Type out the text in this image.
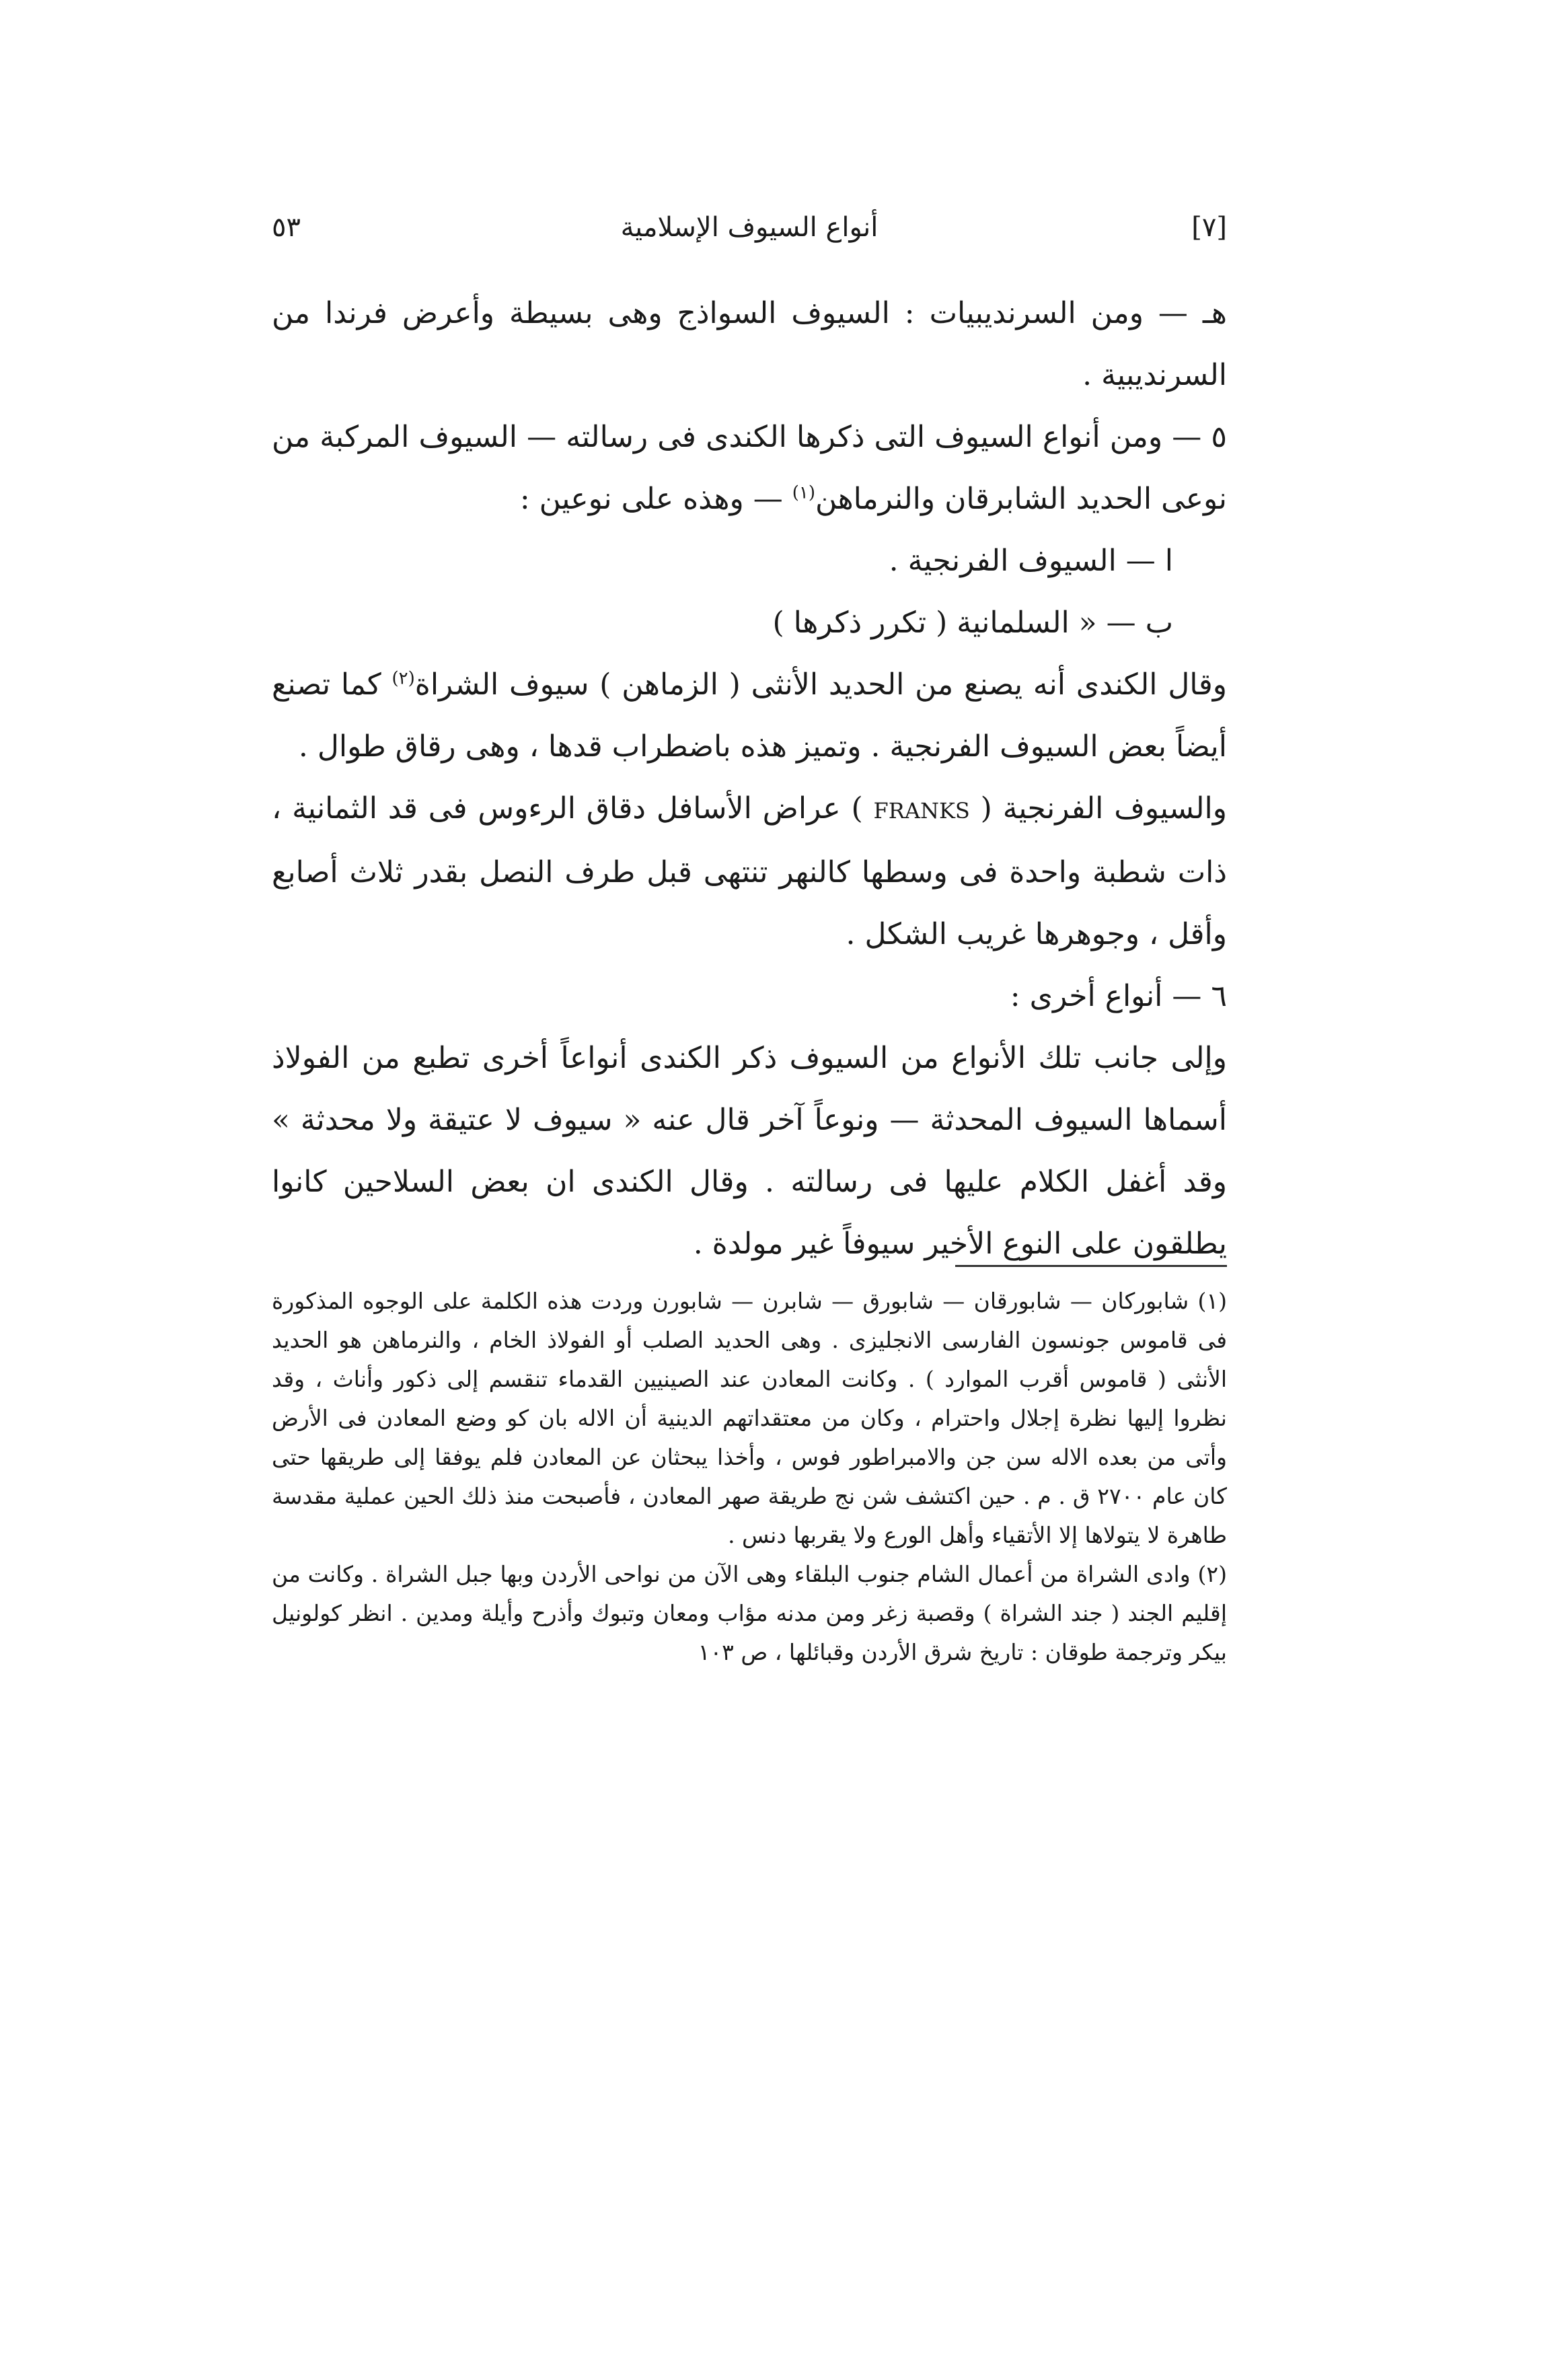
٥٣	أنواع السيوف الإسلامية	[٧]

هـ — ومن السرنديبيات : السيوف السواذج وهى بسيطة وأعرض فرندا من السرنديبية .

٥ — ومن أنواع السيوف التى ذكرها الكندى فى رسالته — السيوف المركبة من نوعى الحديد الشابرقان والنرماهن$^{(١)}$ — وهذه على نوعين :

ا — السيوف الفرنجية .

ب — « السلمانية ( تكرر ذكرها )

وقال الكندى أنه يصنع من الحديد الأنثى ( الزماهن ) سيوف الشراة$^{(٢)}$ كما تصنع أيضاً بعض السيوف الفرنجية . وتميز هذه باضطراب قدها ، وهى رقاق طوال .

والسيوف الفرنجية ( FRANKS ) عراض الأسافل دقاق الرءوس فى قد الثمانية ، ذات شطبة واحدة فى وسطها كالنهر تنتهى قبل طرف النصل بقدر ثلاث أصابع وأقل ، وجوهرها غريب الشكل .

٦ — أنواع أخرى :

وإلى جانب تلك الأنواع من السيوف ذكر الكندى أنواعاً أخرى تطبع من الفولاذ أسماها السيوف المحدثة — ونوعاً آخر قال عنه « سيوف لا عتيقة ولا محدثة » وقد أغفل الكلام عليها فى رسالته . وقال الكندى ان بعض السلاحين كانوا يطلقون على النوع الأخير سيوفاً غير مولدة .

(١) شابوركان — شابورقان — شابورق — شابرن — شابورن وردت هذه الكلمة على الوجوه المذكورة فى قاموس جونسون الفارسى الانجليزى . وهى الحديد الصلب أو الفولاذ الخام ، والنرماهن هو الحديد الأنثى ( قاموس أقرب الموارد ) . وكانت المعادن عند الصينيين القدماء تنقسم إلى ذكور وأناث ، وقد نظروا إليها نظرة إجلال واحترام ، وكان من معتقداتهم الدينية أن الاله بان كو وضع المعادن فى الأرض وأتى من بعده الاله سن جن والامبراطور فوس ، وأخذا يبحثان عن المعادن فلم يوفقا إلى طريقها حتى كان عام ٢٧٠٠ ق . م . حين اكتشف شن نج طريقة صهر المعادن ، فأصبحت منذ ذلك الحين عملية مقدسة طاهرة لا يتولاها إلا الأتقياء وأهل الورع ولا يقربها دنس .

(٢) وادى الشراة من أعمال الشام جنوب البلقاء وهى الآن من نواحى الأردن وبها جبل الشراة . وكانت من إقليم الجند ( جند الشراة ) وقصبة زغر ومن مدنه مؤاب ومعان وتبوك وأذرح وأيلة ومدين . انظر كولونيل بيكر وترجمة طوقان : تاريخ شرق الأردن وقبائلها ، ص ١٠٣
